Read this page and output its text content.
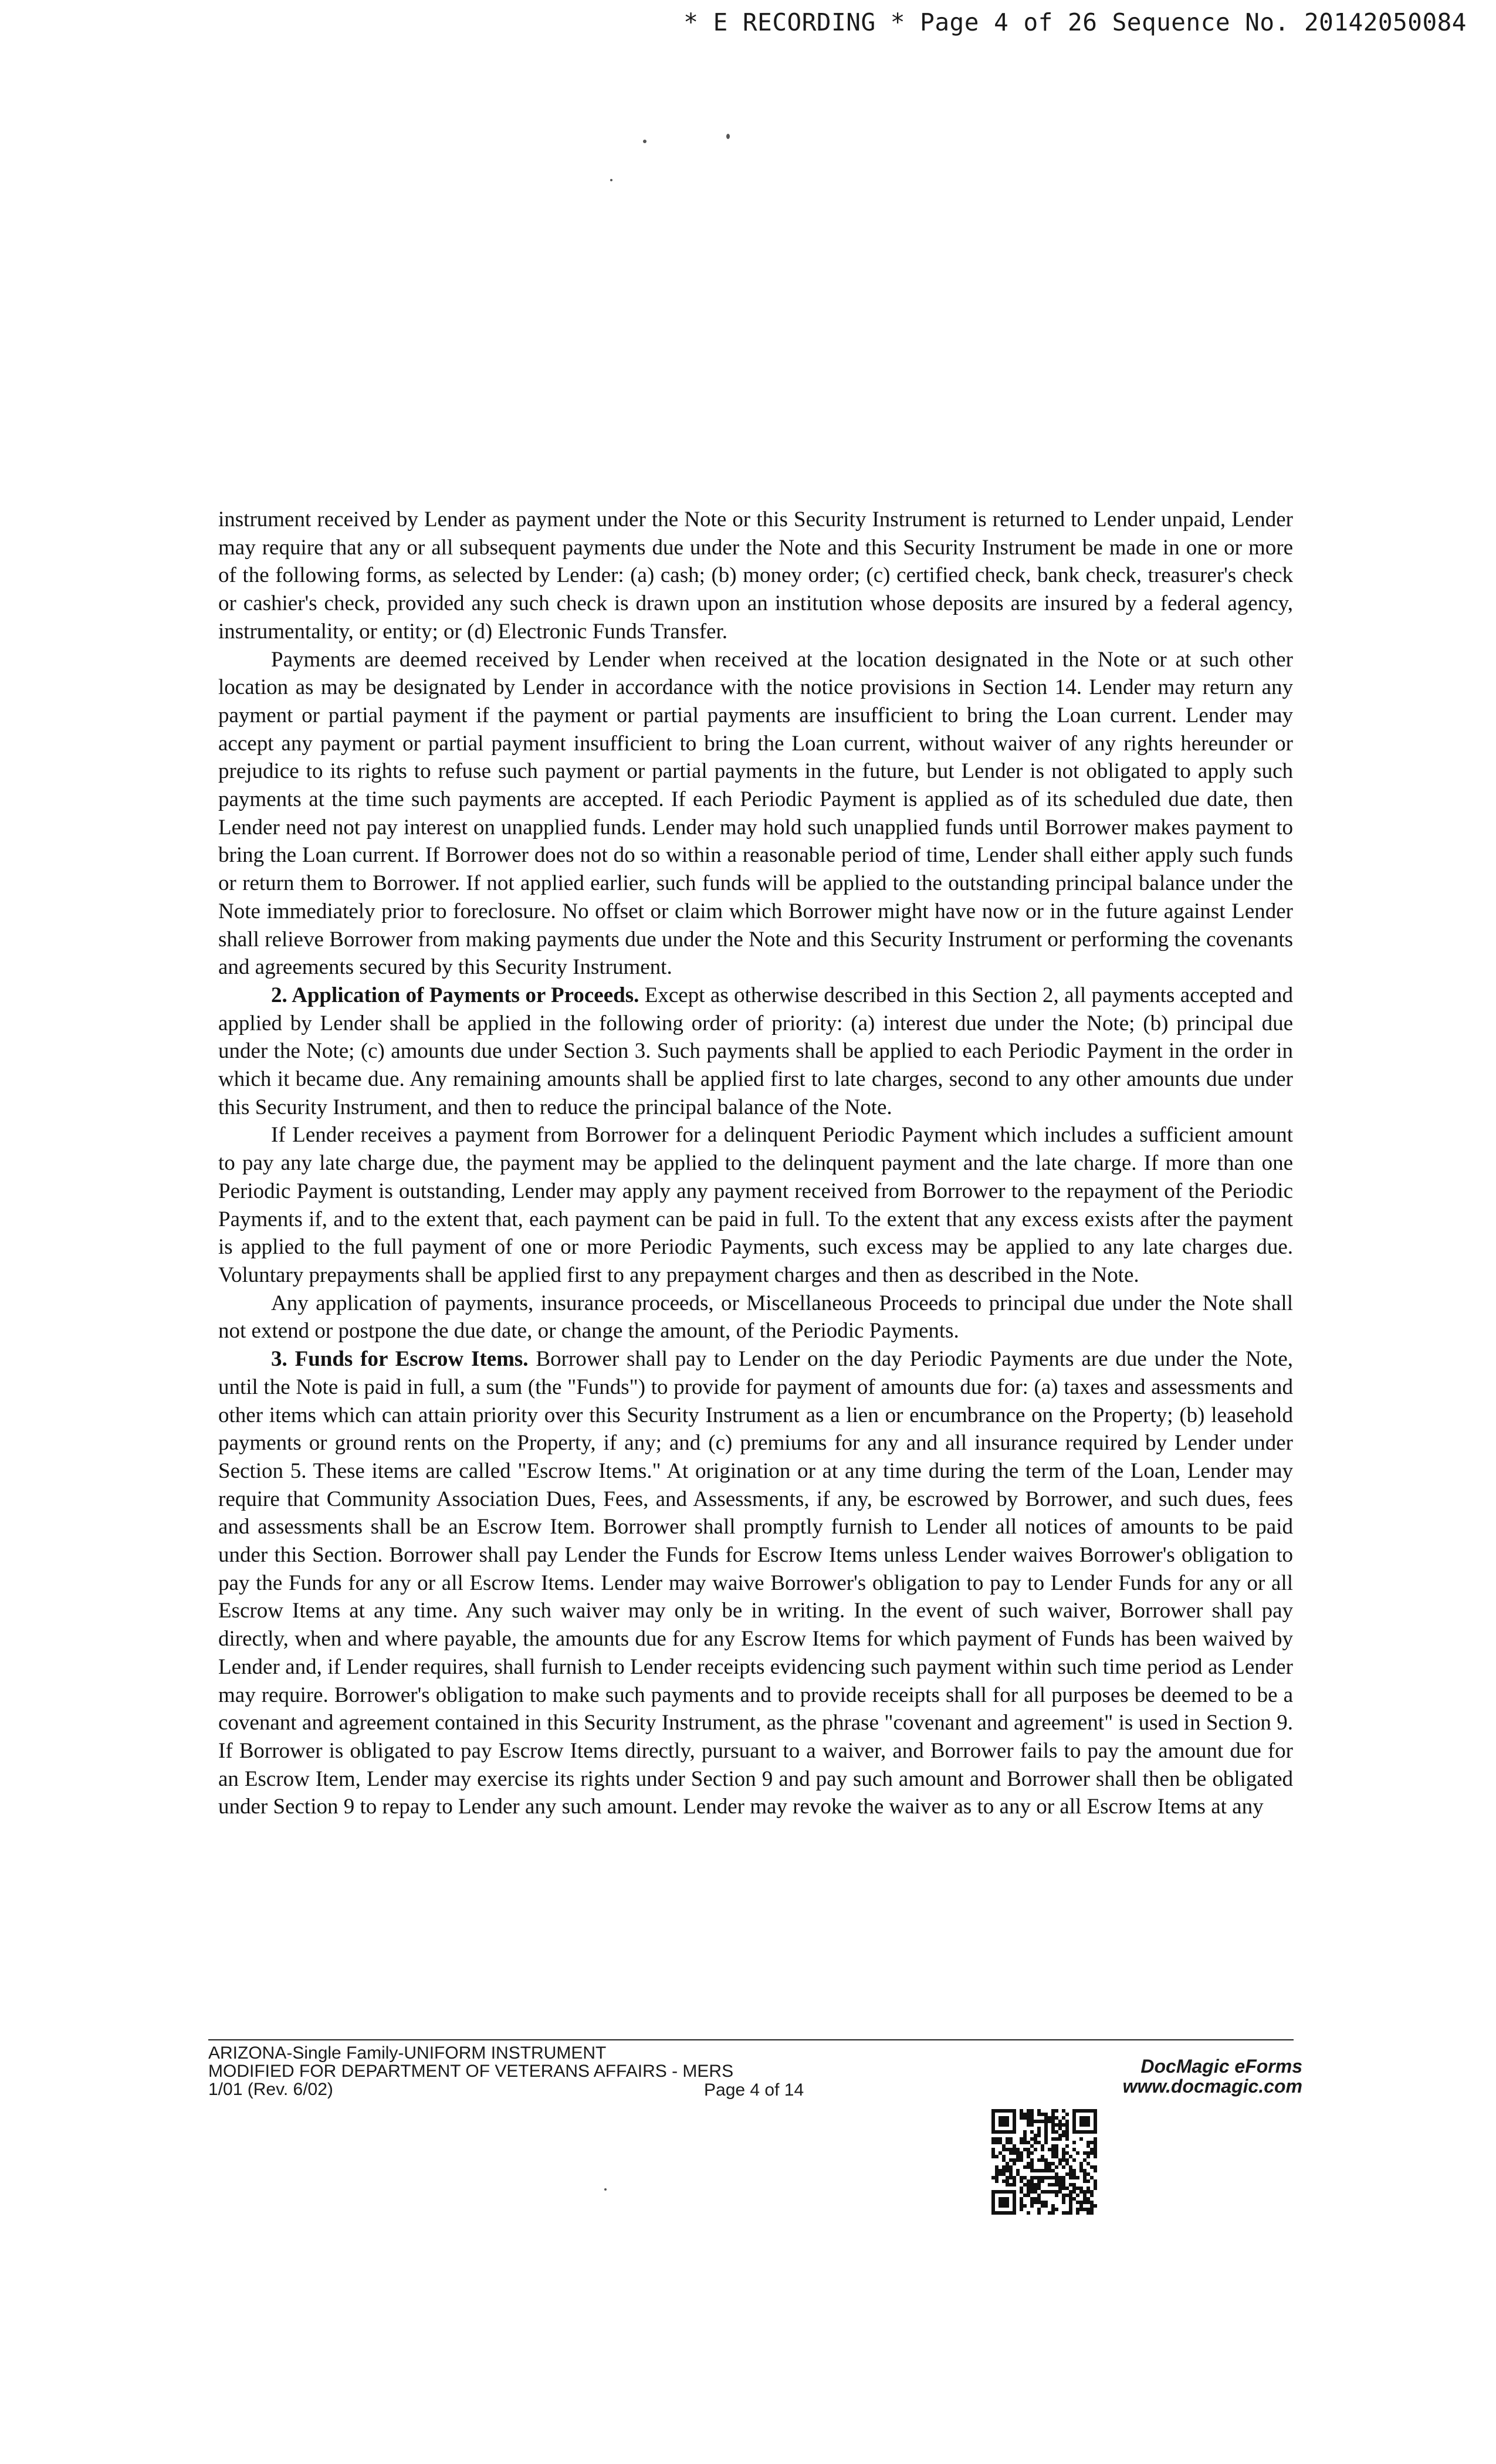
* E RECORDING * Page 4 of 26 Sequence No. 20142050084

instrument received by Lender as payment under the Note or this Security Instrument is returned to Lender unpaid, Lender may require that any or all subsequent payments due under the Note and this Security Instrument be made in one or more of the following forms, as selected by Lender: (a) cash; (b) money order; (c) certified check, bank check, treasurer's check or cashier's check, provided any such check is drawn upon an institution whose deposits are insured by a federal agency, instrumentality, or entity; or (d) Electronic Funds Transfer.

Payments are deemed received by Lender when received at the location designated in the Note or at such other location as may be designated by Lender in accordance with the notice provisions in Section 14. Lender may return any payment or partial payment if the payment or partial payments are insufficient to bring the Loan current. Lender may accept any payment or partial payment insufficient to bring the Loan current, without waiver of any rights hereunder or prejudice to its rights to refuse such payment or partial payments in the future, but Lender is not obligated to apply such payments at the time such payments are accepted. If each Periodic Payment is applied as of its scheduled due date, then Lender need not pay interest on unapplied funds. Lender may hold such unapplied funds until Borrower makes payment to bring the Loan current. If Borrower does not do so within a reasonable period of time, Lender shall either apply such funds or return them to Borrower. If not applied earlier, such funds will be applied to the outstanding principal balance under the Note immediately prior to foreclosure. No offset or claim which Borrower might have now or in the future against Lender shall relieve Borrower from making payments due under the Note and this Security Instrument or performing the covenants and agreements secured by this Security Instrument.

2. Application of Payments or Proceeds. Except as otherwise described in this Section 2, all payments accepted and applied by Lender shall be applied in the following order of priority: (a) interest due under the Note; (b) principal due under the Note; (c) amounts due under Section 3. Such payments shall be applied to each Periodic Payment in the order in which it became due. Any remaining amounts shall be applied first to late charges, second to any other amounts due under this Security Instrument, and then to reduce the principal balance of the Note.

If Lender receives a payment from Borrower for a delinquent Periodic Payment which includes a sufficient amount to pay any late charge due, the payment may be applied to the delinquent payment and the late charge. If more than one Periodic Payment is outstanding, Lender may apply any payment received from Borrower to the repayment of the Periodic Payments if, and to the extent that, each payment can be paid in full. To the extent that any excess exists after the payment is applied to the full payment of one or more Periodic Payments, such excess may be applied to any late charges due. Voluntary prepayments shall be applied first to any prepayment charges and then as described in the Note.

Any application of payments, insurance proceeds, or Miscellaneous Proceeds to principal due under the Note shall not extend or postpone the due date, or change the amount, of the Periodic Payments.

3. Funds for Escrow Items. Borrower shall pay to Lender on the day Periodic Payments are due under the Note, until the Note is paid in full, a sum (the "Funds") to provide for payment of amounts due for: (a) taxes and assessments and other items which can attain priority over this Security Instrument as a lien or encumbrance on the Property; (b) leasehold payments or ground rents on the Property, if any; and (c) premiums for any and all insurance required by Lender under Section 5. These items are called "Escrow Items." At origination or at any time during the term of the Loan, Lender may require that Community Association Dues, Fees, and Assessments, if any, be escrowed by Borrower, and such dues, fees and assessments shall be an Escrow Item. Borrower shall promptly furnish to Lender all notices of amounts to be paid under this Section. Borrower shall pay Lender the Funds for Escrow Items unless Lender waives Borrower's obligation to pay the Funds for any or all Escrow Items. Lender may waive Borrower's obligation to pay to Lender Funds for any or all Escrow Items at any time. Any such waiver may only be in writing. In the event of such waiver, Borrower shall pay directly, when and where payable, the amounts due for any Escrow Items for which payment of Funds has been waived by Lender and, if Lender requires, shall furnish to Lender receipts evidencing such payment within such time period as Lender may require. Borrower's obligation to make such payments and to provide receipts shall for all purposes be deemed to be a covenant and agreement contained in this Security Instrument, as the phrase "covenant and agreement" is used in Section 9. If Borrower is obligated to pay Escrow Items directly, pursuant to a waiver, and Borrower fails to pay the amount due for an Escrow Item, Lender may exercise its rights under Section 9 and pay such amount and Borrower shall then be obligated under Section 9 to repay to Lender any such amount. Lender may revoke the waiver as to any or all Escrow Items at any

ARIZONA-Single Family-UNIFORM INSTRUMENT
MODIFIED FOR DEPARTMENT OF VETERANS AFFAIRS - MERS
1/01 (Rev. 6/02)	Page 4 of 14
DocMagic eForms
www.docmagic.com
